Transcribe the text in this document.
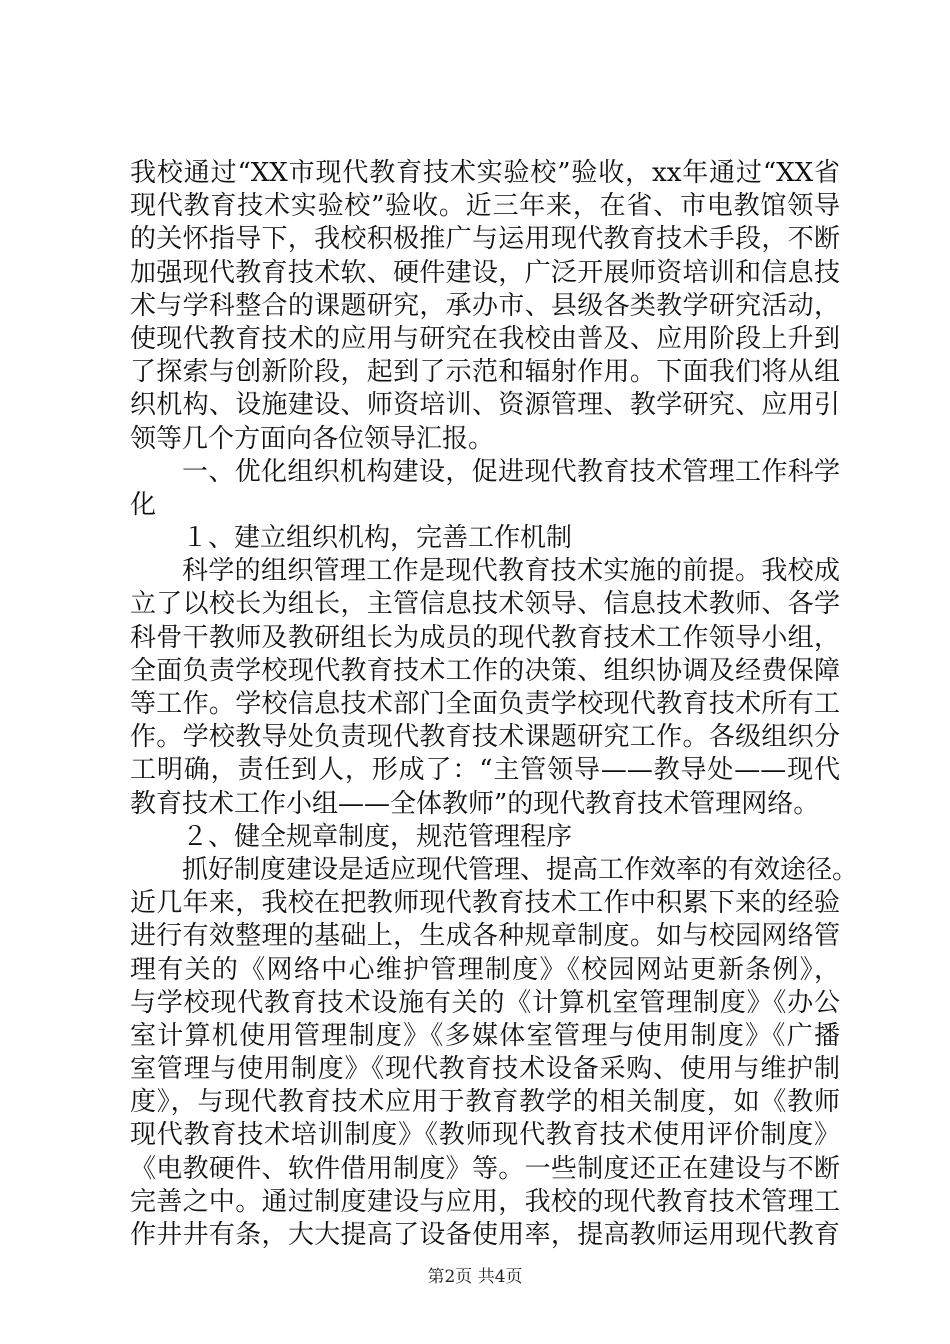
我校通过“XX市现代教育技术实验校”验收，xx年通过“XX省
现代教育技术实验校”验收。近三年来，在省、市电教馆领导
的关怀指导下，我校积极推广与运用现代教育技术手段，不断
加强现代教育技术软、硬件建设，广泛开展师资培训和信息技
术与学科整合的课题研究，承办市、县级各类教学研究活动，
使现代教育技术的应用与研究在我校由普及、应用阶段上升到
了探索与创新阶段，起到了示范和辐射作用。下面我们将从组
织机构、设施建设、师资培训、资源管理、教学研究、应用引
领等几个方面向各位领导汇报。
一、优化组织机构建设，促进现代教育技术管理工作科学
化
１、建立组织机构，完善工作机制
科学的组织管理工作是现代教育技术实施的前提。我校成
立了以校长为组长，主管信息技术领导、信息技术教师、各学
科骨干教师及教研组长为成员的现代教育技术工作领导小组，
全面负责学校现代教育技术工作的决策、组织协调及经费保障
等工作。学校信息技术部门全面负责学校现代教育技术所有工
作。学校教导处负责现代教育技术课题研究工作。各级组织分
工明确，责任到人，形成了：“主管领导——教导处——现代
教育技术工作小组——全体教师”的现代教育技术管理网络。
２、健全规章制度，规范管理程序
抓好制度建设是适应现代管理、提高工作效率的有效途径。
近几年来，我校在把教师现代教育技术工作中积累下来的经验
进行有效整理的基础上，生成各种规章制度。如与校园网络管
理有关的《网络中心维护管理制度》《校园网站更新条例》，
与学校现代教育技术设施有关的《计算机室管理制度》《办公
室计算机使用管理制度》《多媒体室管理与使用制度》《广播
室管理与使用制度》《现代教育技术设备采购、使用与维护制
度》，与现代教育技术应用于教育教学的相关制度，如《教师
现代教育技术培训制度》《教师现代教育技术使用评价制度》
《电教硬件、软件借用制度》等。一些制度还正在建设与不断
完善之中。通过制度建设与应用，我校的现代教育技术管理工
作井井有条，大大提高了设备使用率，提高教师运用现代教育
第2页 共4页
